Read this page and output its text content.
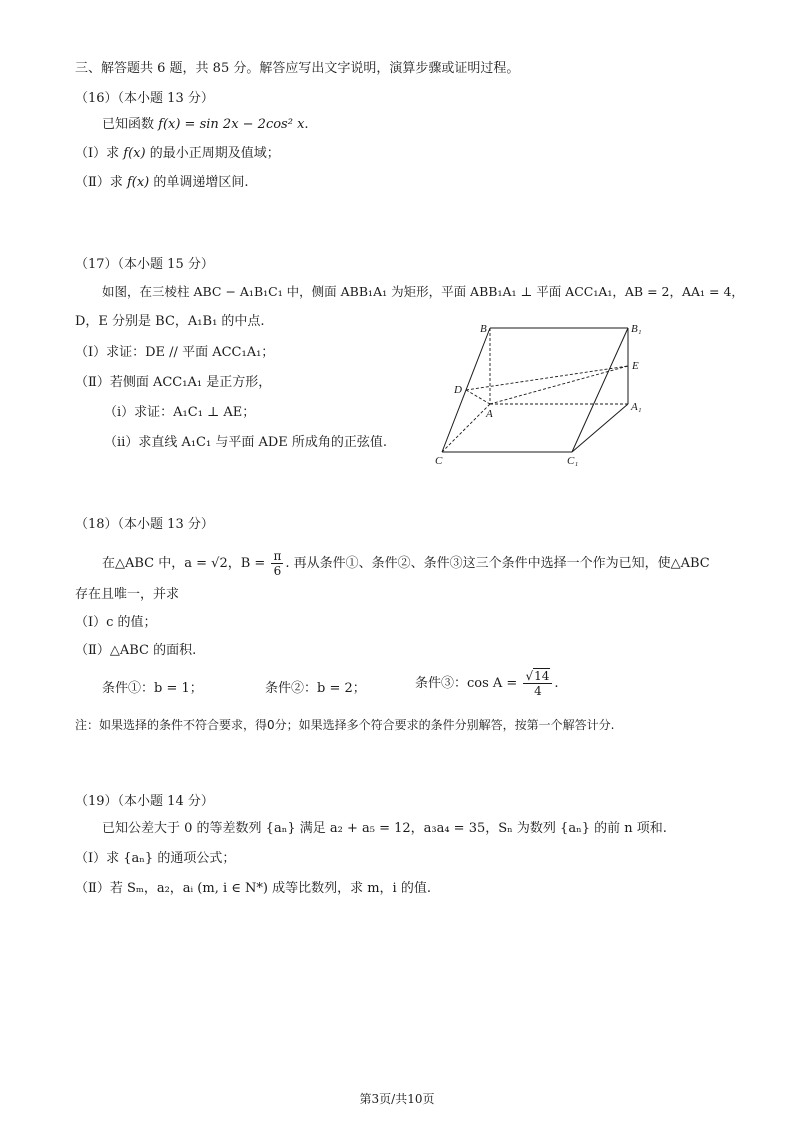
三、解答题共 6 题，共 85 分。解答应写出文字说明，演算步骤或证明过程。
（16）（本小题 13 分）
已知函数 f(x) = sin 2x − 2cos² x.
（Ⅰ）求 f(x) 的最小正周期及值域；
（Ⅱ）求 f(x) 的单调递增区间.
（17）（本小题 15 分）
如图，在三棱柱 ABC − A₁B₁C₁ 中，侧面 ABB₁A₁ 为矩形，平面 ABB₁A₁ ⊥ 平面 ACC₁A₁，AB = 2，AA₁ = 4，
D，E 分别是 BC，A₁B₁ 的中点.
（Ⅰ）求证：DE // 平面 ACC₁A₁；
（Ⅱ）若侧面 ACC₁A₁ 是正方形，
（ⅰ）求证：A₁C₁ ⊥ AE；
（ⅱ）求直线 A₁C₁ 与平面 ADE 所成角的正弦值.
B	B₁
E
D
A
A₁
C	C₁
（18）（本小题 13 分）
在△ABC 中，a = √2，$B = \frac{\pi}{6}$ . 再从条件①、条件②、条件③这三个条件中选择一个作为已知，使△ABC
存在且唯一，并求
（Ⅰ）c 的值；
（Ⅱ）△ABC 的面积.
条件①：b = 1；	条件②：b = 2；	条件③：$\cos A = \frac{√14}{4}$ .
注：如果选择的条件不符合要求，得0分；如果选择多个符合要求的条件分别解答，按第一个解答计分.
（19）（本小题 14 分）
已知公差大于 0 的等差数列 {aₙ} 满足 a₂ + a₅ = 12，a₃a₄ = 35，Sₙ 为数列 {aₙ} 的前 n 项和.
（Ⅰ）求 {aₙ} 的通项公式；
（Ⅱ）若 Sₘ，a₂，aᵢ (m, i ∈ N*) 成等比数列，求 m，i 的值.
第3页/共10页
